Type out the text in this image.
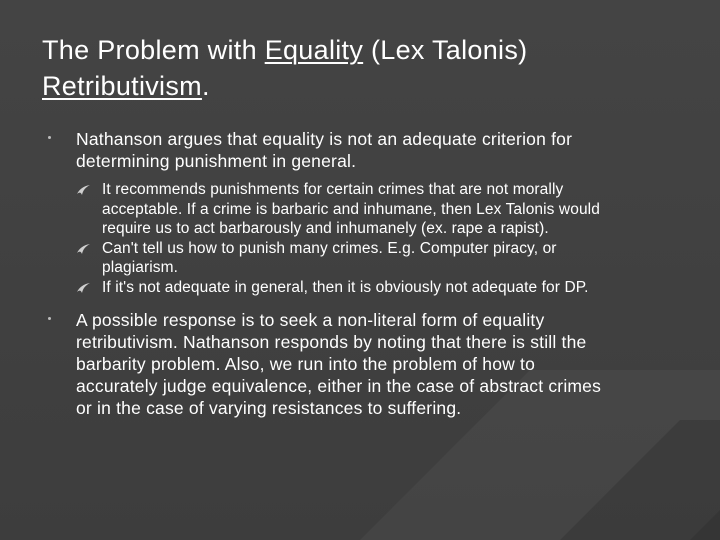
The Problem with Equality (Lex Talonis) Retributivism.
Nathanson argues that equality is not an adequate criterion for determining punishment in general.
It recommends punishments for certain crimes that are not morally acceptable. If a crime is barbaric and inhumane, then Lex Talonis would require us to act barbarously and inhumanely (ex. rape a rapist).
Can't tell us how to punish many crimes. E.g. Computer piracy, or plagiarism.
If it's not adequate in general, then it is obviously not adequate for DP.
A possible response is to seek a non-literal form of equality retributivism. Nathanson responds by noting that there is still the barbarity problem. Also, we run into the problem of how to accurately judge equivalence, either in the case of abstract crimes or in the case of varying resistances to suffering.
